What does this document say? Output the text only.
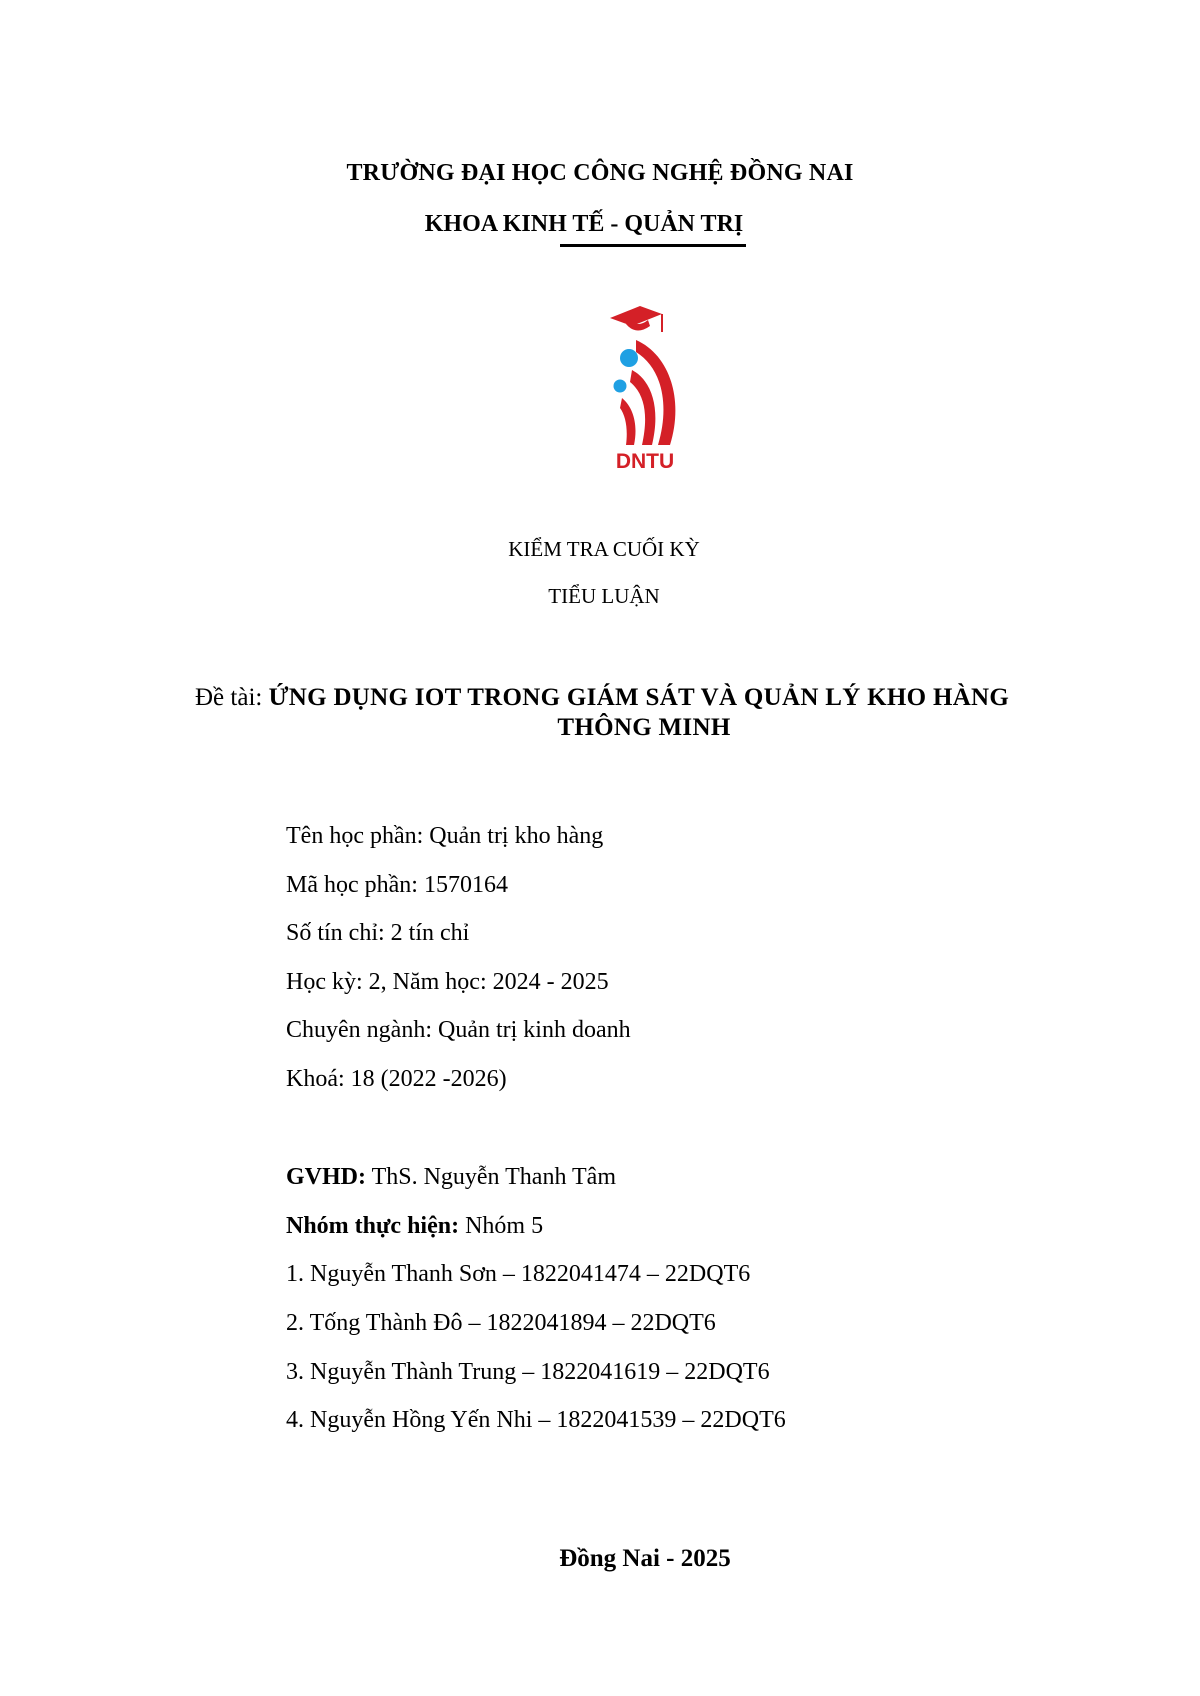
TRƯỜNG ĐẠI HỌC CÔNG NGHỆ ĐỒNG NAI
KHOA KINH TẾ - QUẢN TRỊ
DNTU
KIỂM TRA CUỐI KỲ
TIỂU LUẬN
Đề tài: ỨNG DỤNG IOT TRONG GIÁM SÁT VÀ QUẢN LÝ KHO HÀNG
THÔNG MINH
Tên học phần: Quản trị kho hàng
Mã học phần: 1570164
Số tín chỉ: 2 tín chỉ
Học kỳ: 2, Năm học: 2024 - 2025
Chuyên ngành: Quản trị kinh doanh
Khoá: 18 (2022 -2026)
GVHD: ThS. Nguyễn Thanh Tâm
Nhóm thực hiện: Nhóm 5
1. Nguyễn Thanh Sơn – 1822041474 – 22DQT6
2. Tống Thành Đô – 1822041894 – 22DQT6
3. Nguyễn Thành Trung – 1822041619 – 22DQT6
4. Nguyễn Hồng Yến Nhi – 1822041539 – 22DQT6
Đồng Nai - 2025
